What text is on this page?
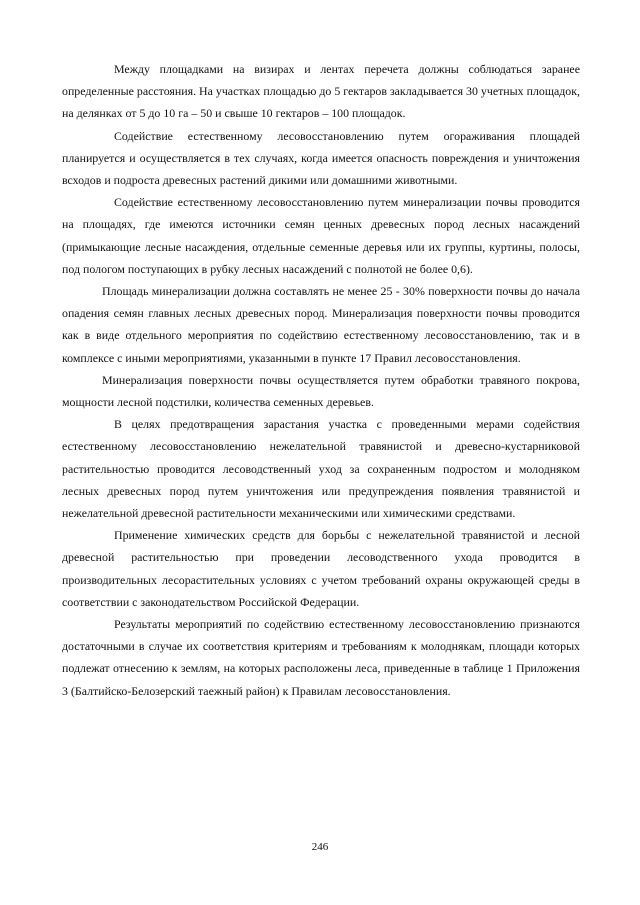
Между площадками на визирах и лентах перечета должны соблюдаться заранее определенные расстояния. На участках площадью до 5 гектаров закладывается 30 учетных площадок, на делянках от 5 до 10 га – 50 и свыше 10 гектаров – 100 площадок.

Содействие естественному лесовосстановлению путем огораживания площадей планируется и осуществляется в тех случаях, когда имеется опасность повреждения и уничтожения всходов и подроста древесных растений дикими или домашними животными.

Содействие естественному лесовосстановлению путем минерализации почвы проводится на площадях, где имеются источники семян ценных древесных пород лесных насаждений (примыкающие лесные насаждения, отдельные семенные деревья или их группы, куртины, полосы, под пологом поступающих в рубку лесных насаждений с полнотой не более 0,6).

Площадь минерализации должна составлять не менее 25 - 30% поверхности почвы до начала опадения семян главных лесных древесных пород. Минерализация поверхности почвы проводится как в виде отдельного мероприятия по содействию естественному лесовосстановлению, так и в комплексе с иными мероприятиями, указанными в пункте 17 Правил лесовосстановления.

Минерализация поверхности почвы осуществляется путем обработки травяного покрова, мощности лесной подстилки, количества семенных деревьев.

В целях предотвращения зарастания участка с проведенными мерами содействия естественному лесовосстановлению нежелательной травянистой и древесно-кустарниковой растительностью проводится лесоводственный уход за сохраненным подростом и молодняком лесных древесных пород путем уничтожения или предупреждения появления травянистой и нежелательной древесной растительности механическими или химическими средствами.

Применение химических средств для борьбы с нежелательной травянистой и лесной древесной растительностью при проведении лесоводственного ухода проводится в производительных лесорастительных условиях с учетом требований охраны окружающей среды в соответствии с законодательством Российской Федерации.

Результаты мероприятий по содействию естественному лесовосстановлению признаются достаточными в случае их соответствия критериям и требованиям к молоднякам, площади которых подлежат отнесению к землям, на которых расположены леса, приведенные в таблице 1 Приложения 3 (Балтийско-Белозерский таежный район) к Правилам лесовосстановления.

246
